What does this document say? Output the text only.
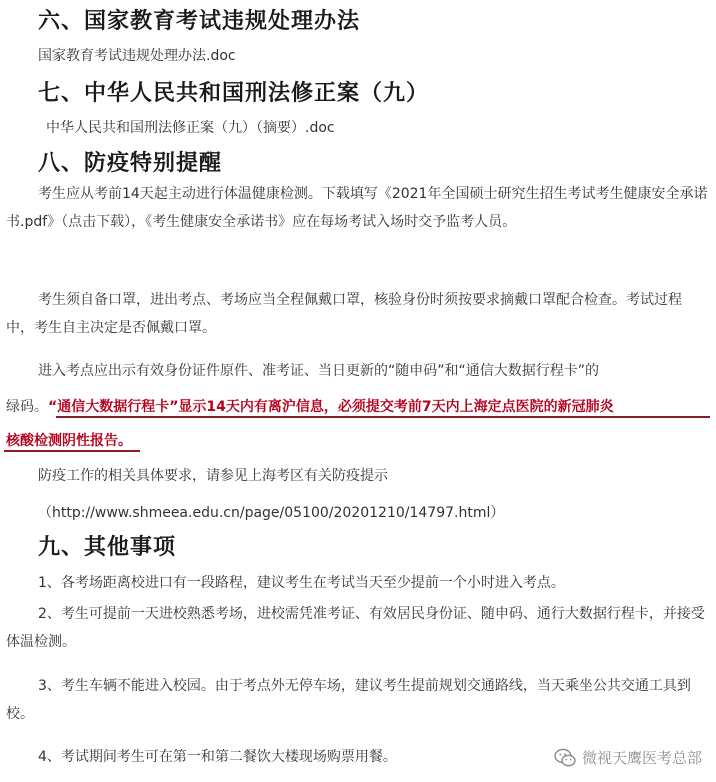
六、国家教育考试违规处理办法
国家教育考试违规处理办法.doc
七、中华人民共和国刑法修正案（九）
中华人民共和国刑法修正案（九）（摘要）.doc
八、防疫特别提醒
考生应从考前14天起主动进行体温健康检测。下载填写《2021年全国硕士研究生招生考试考生健康安全承诺书.pdf》（点击下载），《考生健康安全承诺书》应在每场考试入场时交予监考人员。
考生须自备口罩，进出考点、考场应当全程佩戴口罩，核验身份时须按要求摘戴口罩配合检查。考试过程中，考生自主决定是否佩戴口罩。
进入考点应出示有效身份证件原件、准考证、当日更新的“随申码”和“通信大数据行程卡”的
绿码。“通信大数据行程卡”显示14天内有离沪信息，必须提交考前7天内上海定点医院的新冠肺炎
核酸检测阴性报告。
防疫工作的相关具体要求，请参见上海考区有关防疫提示
（http://www.shmeea.edu.cn/page/05100/20201210/14797.html）
九、其他事项
1、各考场距离校进口有一段路程，建议考生在考试当天至少提前一个小时进入考点。
2、考生可提前一天进校熟悉考场，进校需凭准考证、有效居民身份证、随申码、通行大数据行程卡，并接受体温检测。
3、考生车辆不能进入校园。由于考点外无停车场，建议考生提前规划交通路线，当天乘坐公共交通工具到校。
4、考试期间考生可在第一和第二餐饮大楼现场购票用餐。	微视天鹰医考总部
